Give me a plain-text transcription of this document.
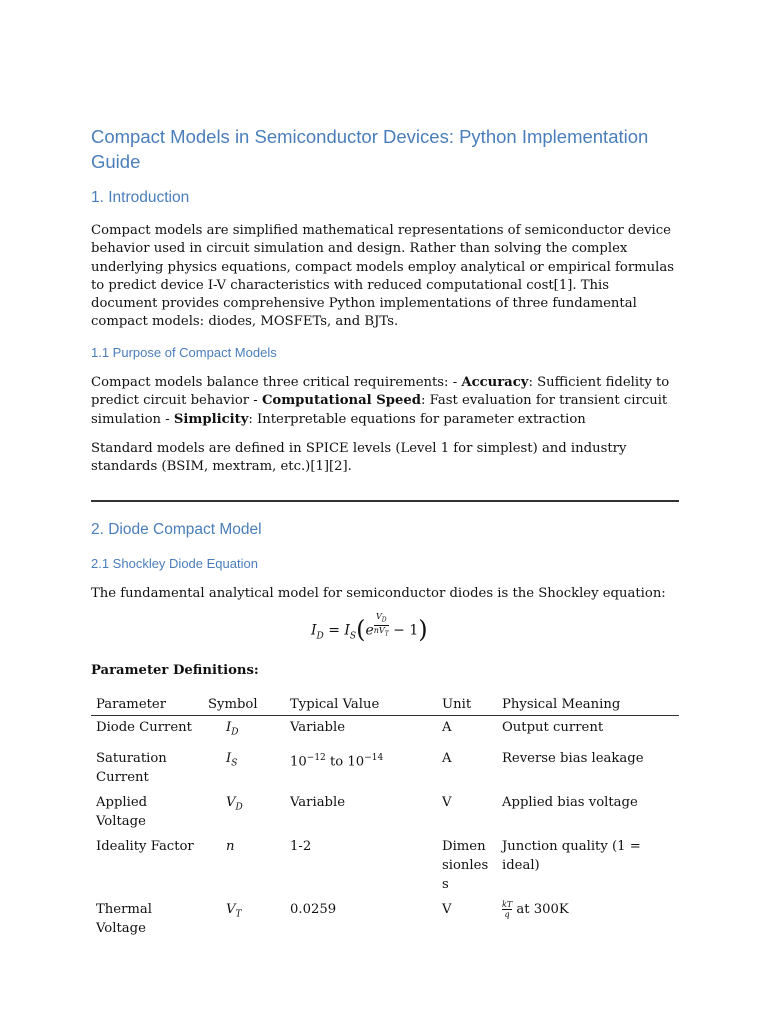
Compact Models in Semiconductor Devices: Python Implementation Guide
1. Introduction

Compact models are simplified mathematical representations of semiconductor device behavior used in circuit simulation and design. Rather than solving the complex underlying physics equations, compact models employ analytical or empirical formulas to predict device I-V characteristics with reduced computational cost[1]. This document provides comprehensive Python implementations of three fundamental compact models: diodes, MOSFETs, and BJTs.

1.1 Purpose of Compact Models

Compact models balance three critical requirements: - Accuracy: Sufficient fidelity to predict circuit behavior - Computational Speed: Fast evaluation for transient circuit simulation - Simplicity: Interpretable equations for parameter extraction

Standard models are defined in SPICE levels (Level 1 for simplest) and industry standards (BSIM, mextram, etc.)[1][2].

2. Diode Compact Model
2.1 Shockley Diode Equation

The fundamental analytical model for semiconductor diodes is the Shockley equation:

$I_D = I_S(e \frac{V_D}{nV_T} - 1)$
Parameter Definitions:
Parameter	Symbol	Typical Value	Unit	Physical Meaning
Diode Current	$I_D$	Variable	A	Output current
Saturation Current	$I_S$	$10^{-12}$ to $10^{-14}$	A	Reverse bias leakage
Applied Voltage	$V_D$	Variable	V	Applied bias voltage
Ideality Factor	n	1-2	Dimensionless	Junction quality (1 = ideal)
Thermal Voltage	$V_T$	0.0259	V	$\frac{kT}{q}$ at 300K
